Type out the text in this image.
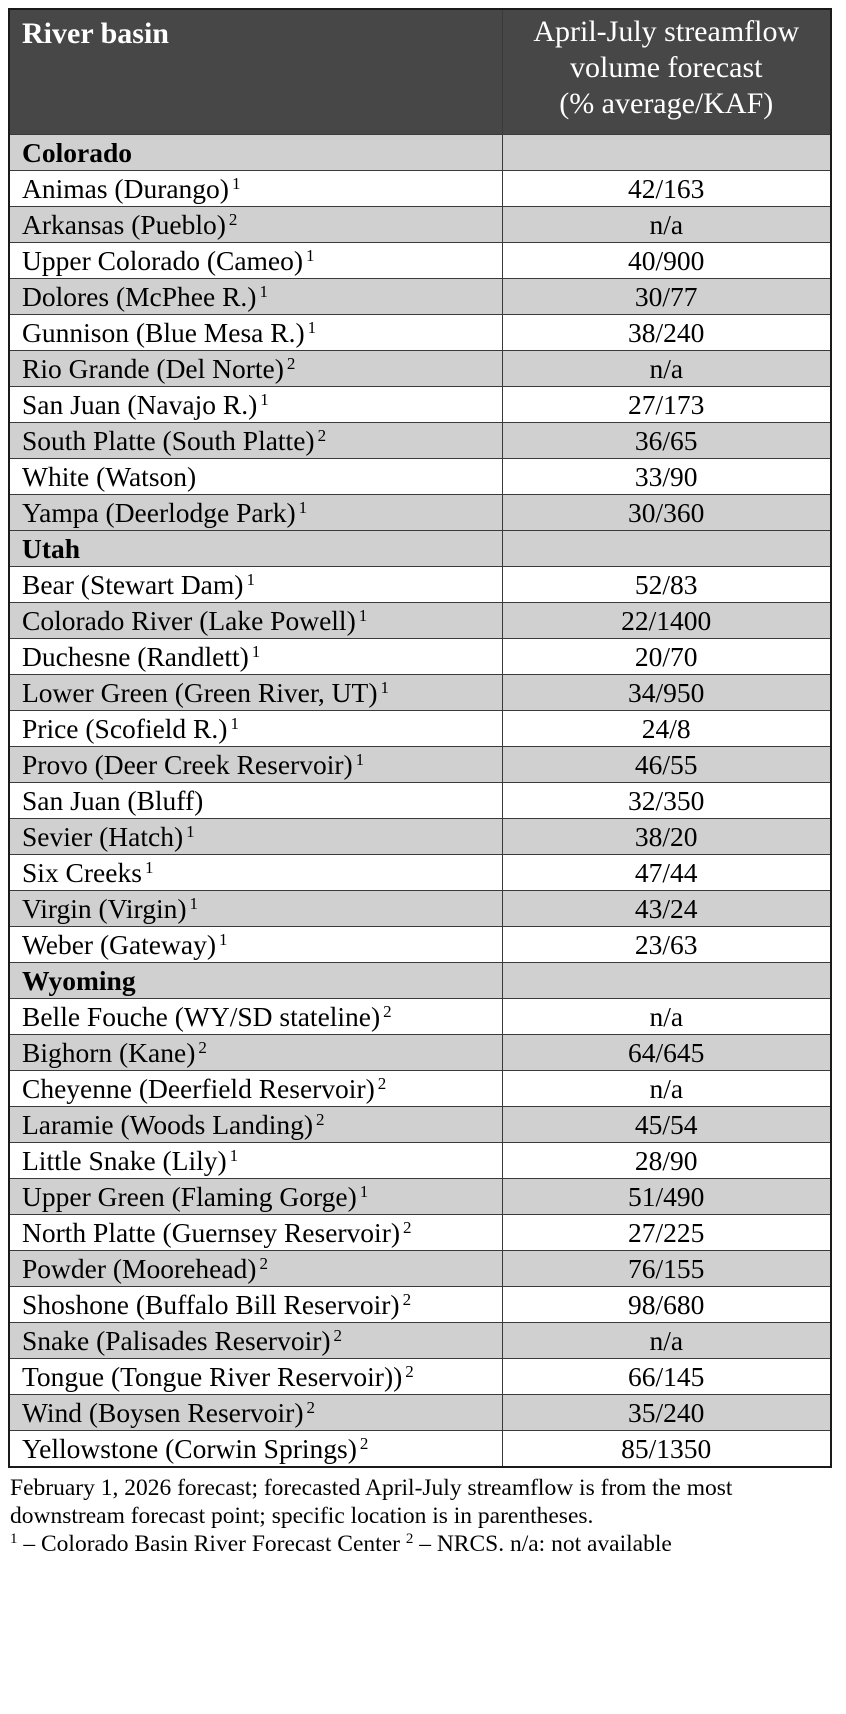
River basin	April-July streamflow
volume forecast
(% average/KAF)

Colorado	
Animas (Durango) $^1$	42/163
Arkansas (Pueblo) $^2$	n/a
Upper Colorado (Cameo) $^1$	40/900
Dolores (McPhee R.) $^1$	30/77
Gunnison (Blue Mesa R.) $^1$	38/240
Rio Grande (Del Norte) $^2$	n/a
San Juan (Navajo R.) $^1$	27/173
South Platte (South Platte) $^2$	36/65
White (Watson)	33/90
Yampa (Deerlodge Park) $^1$	30/360
Utah	
Bear (Stewart Dam) $^1$	52/83
Colorado River (Lake Powell) $^1$	22/1400
Duchesne (Randlett) $^1$	20/70
Lower Green (Green River, UT) $^1$	34/950
Price (Scofield R.) $^1$	24/8
Provo (Deer Creek Reservoir) $^1$	46/55
San Juan (Bluff)	32/350
Sevier (Hatch) $^1$	38/20
Six Creeks $^1$	47/44
Virgin (Virgin) $^1$	43/24
Weber (Gateway) $^1$	23/63
Wyoming	
Belle Fouche (WY/SD stateline) $^2$	n/a
Bighorn (Kane) $^2$	64/645
Cheyenne (Deerfield Reservoir) $^2$	n/a
Laramie (Woods Landing) $^2$	45/54
Little Snake (Lily) $^1$	28/90
Upper Green (Flaming Gorge) $^1$	51/490
North Platte (Guernsey Reservoir) $^2$	27/225
Powder (Moorehead) $^2$	76/155
Shoshone (Buffalo Bill Reservoir) $^2$	98/680
Snake (Palisades Reservoir) $^2$	n/a
Tongue (Tongue River Reservoir)) $^2$	66/145
Wind (Boysen Reservoir) $^2$	35/240
Yellowstone (Corwin Springs) $^2$	85/1350
February 1, 2026 forecast; forecasted April-July streamflow is from the most
downstream forecast point; specific location is in parentheses.
$^1$ – Colorado Basin River Forecast Center $^2$ – NRCS. n/a: not available
